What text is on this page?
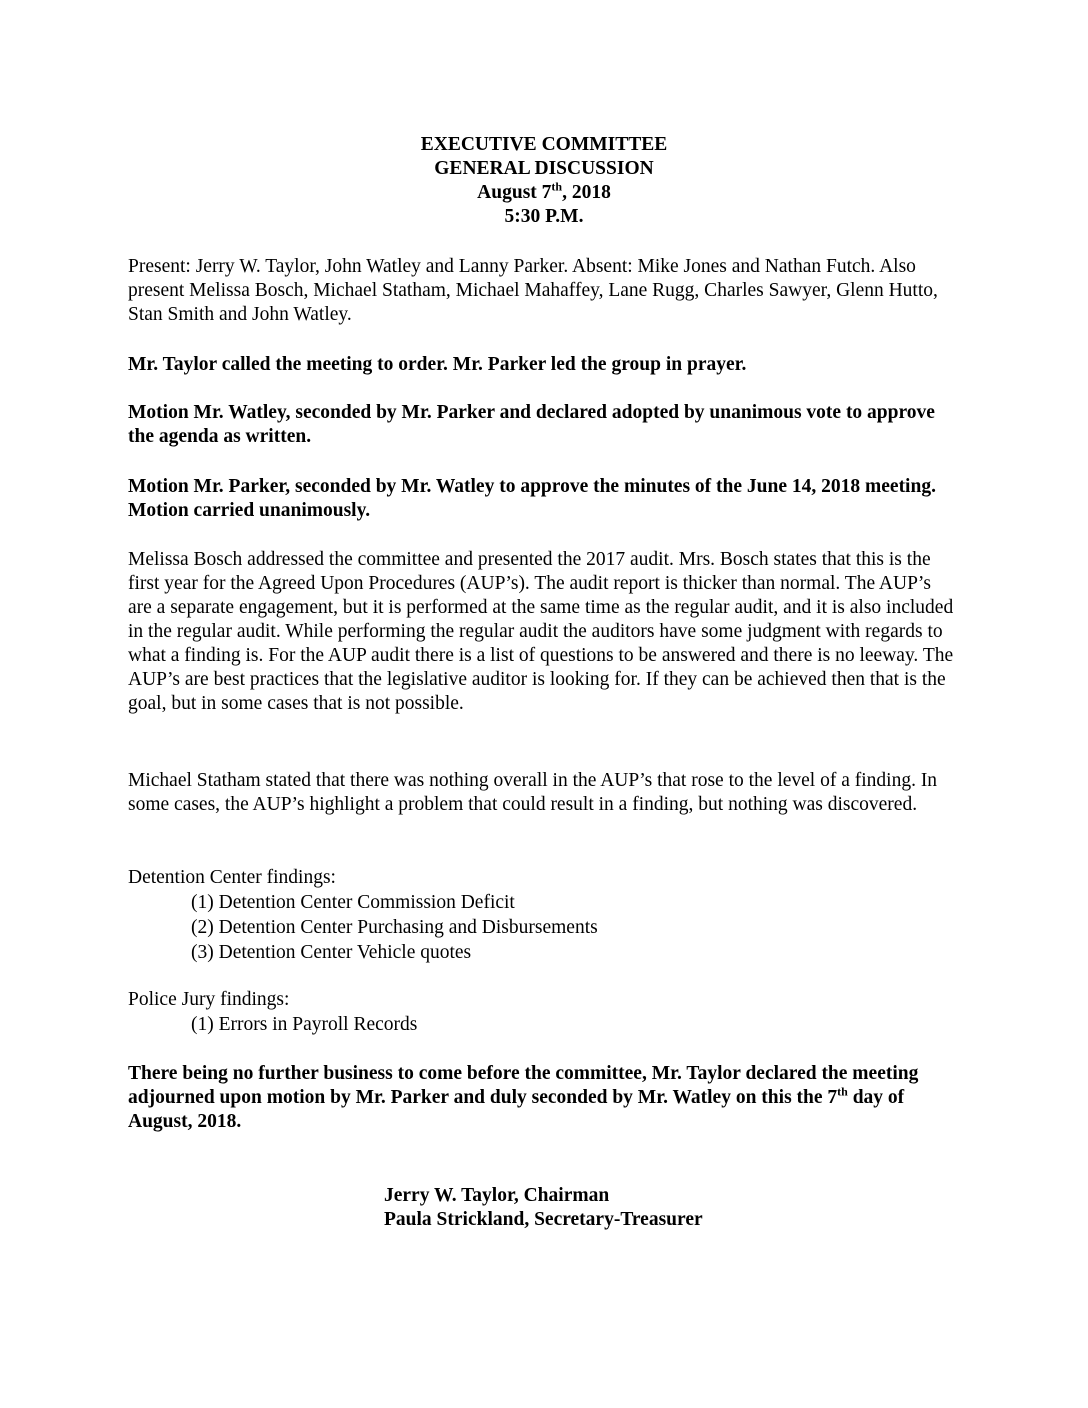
EXECUTIVE COMMITTEE
GENERAL DISCUSSION
August 7th, 2018
5:30 P.M.
Present: Jerry W. Taylor, John Watley and Lanny Parker. Absent: Mike Jones and Nathan Futch. Also present Melissa Bosch, Michael Statham, Michael Mahaffey, Lane Rugg, Charles Sawyer, Glenn Hutto, Stan Smith and John Watley.
Mr. Taylor called the meeting to order. Mr. Parker led the group in prayer.
Motion Mr. Watley, seconded by Mr. Parker and declared adopted by unanimous vote to approve the agenda as written.
Motion Mr. Parker, seconded by Mr. Watley to approve the minutes of the June 14, 2018 meeting. Motion carried unanimously.
Melissa Bosch addressed the committee and presented the 2017 audit. Mrs. Bosch states that this is the first year for the Agreed Upon Procedures (AUP’s). The audit report is thicker than normal. The AUP’s are a separate engagement, but it is performed at the same time as the regular audit, and it is also included in the regular audit. While performing the regular audit the auditors have some judgment with regards to what a finding is. For the AUP audit there is a list of questions to be answered and there is no leeway. The AUP’s are best practices that the legislative auditor is looking for. If they can be achieved then that is the goal, but in some cases that is not possible.
Michael Statham stated that there was nothing overall in the AUP’s that rose to the level of a finding. In some cases, the AUP’s highlight a problem that could result in a finding, but nothing was discovered.
Detention Center findings:
(1) Detention Center Commission Deficit
(2) Detention Center Purchasing and Disbursements
(3) Detention Center Vehicle quotes
Police Jury findings:
(1) Errors in Payroll Records
There being no further business to come before the committee, Mr. Taylor declared the meeting adjourned upon motion by Mr. Parker and duly seconded by Mr. Watley on this the 7th day of August, 2018.
Jerry W. Taylor, Chairman
Paula Strickland, Secretary-Treasurer
